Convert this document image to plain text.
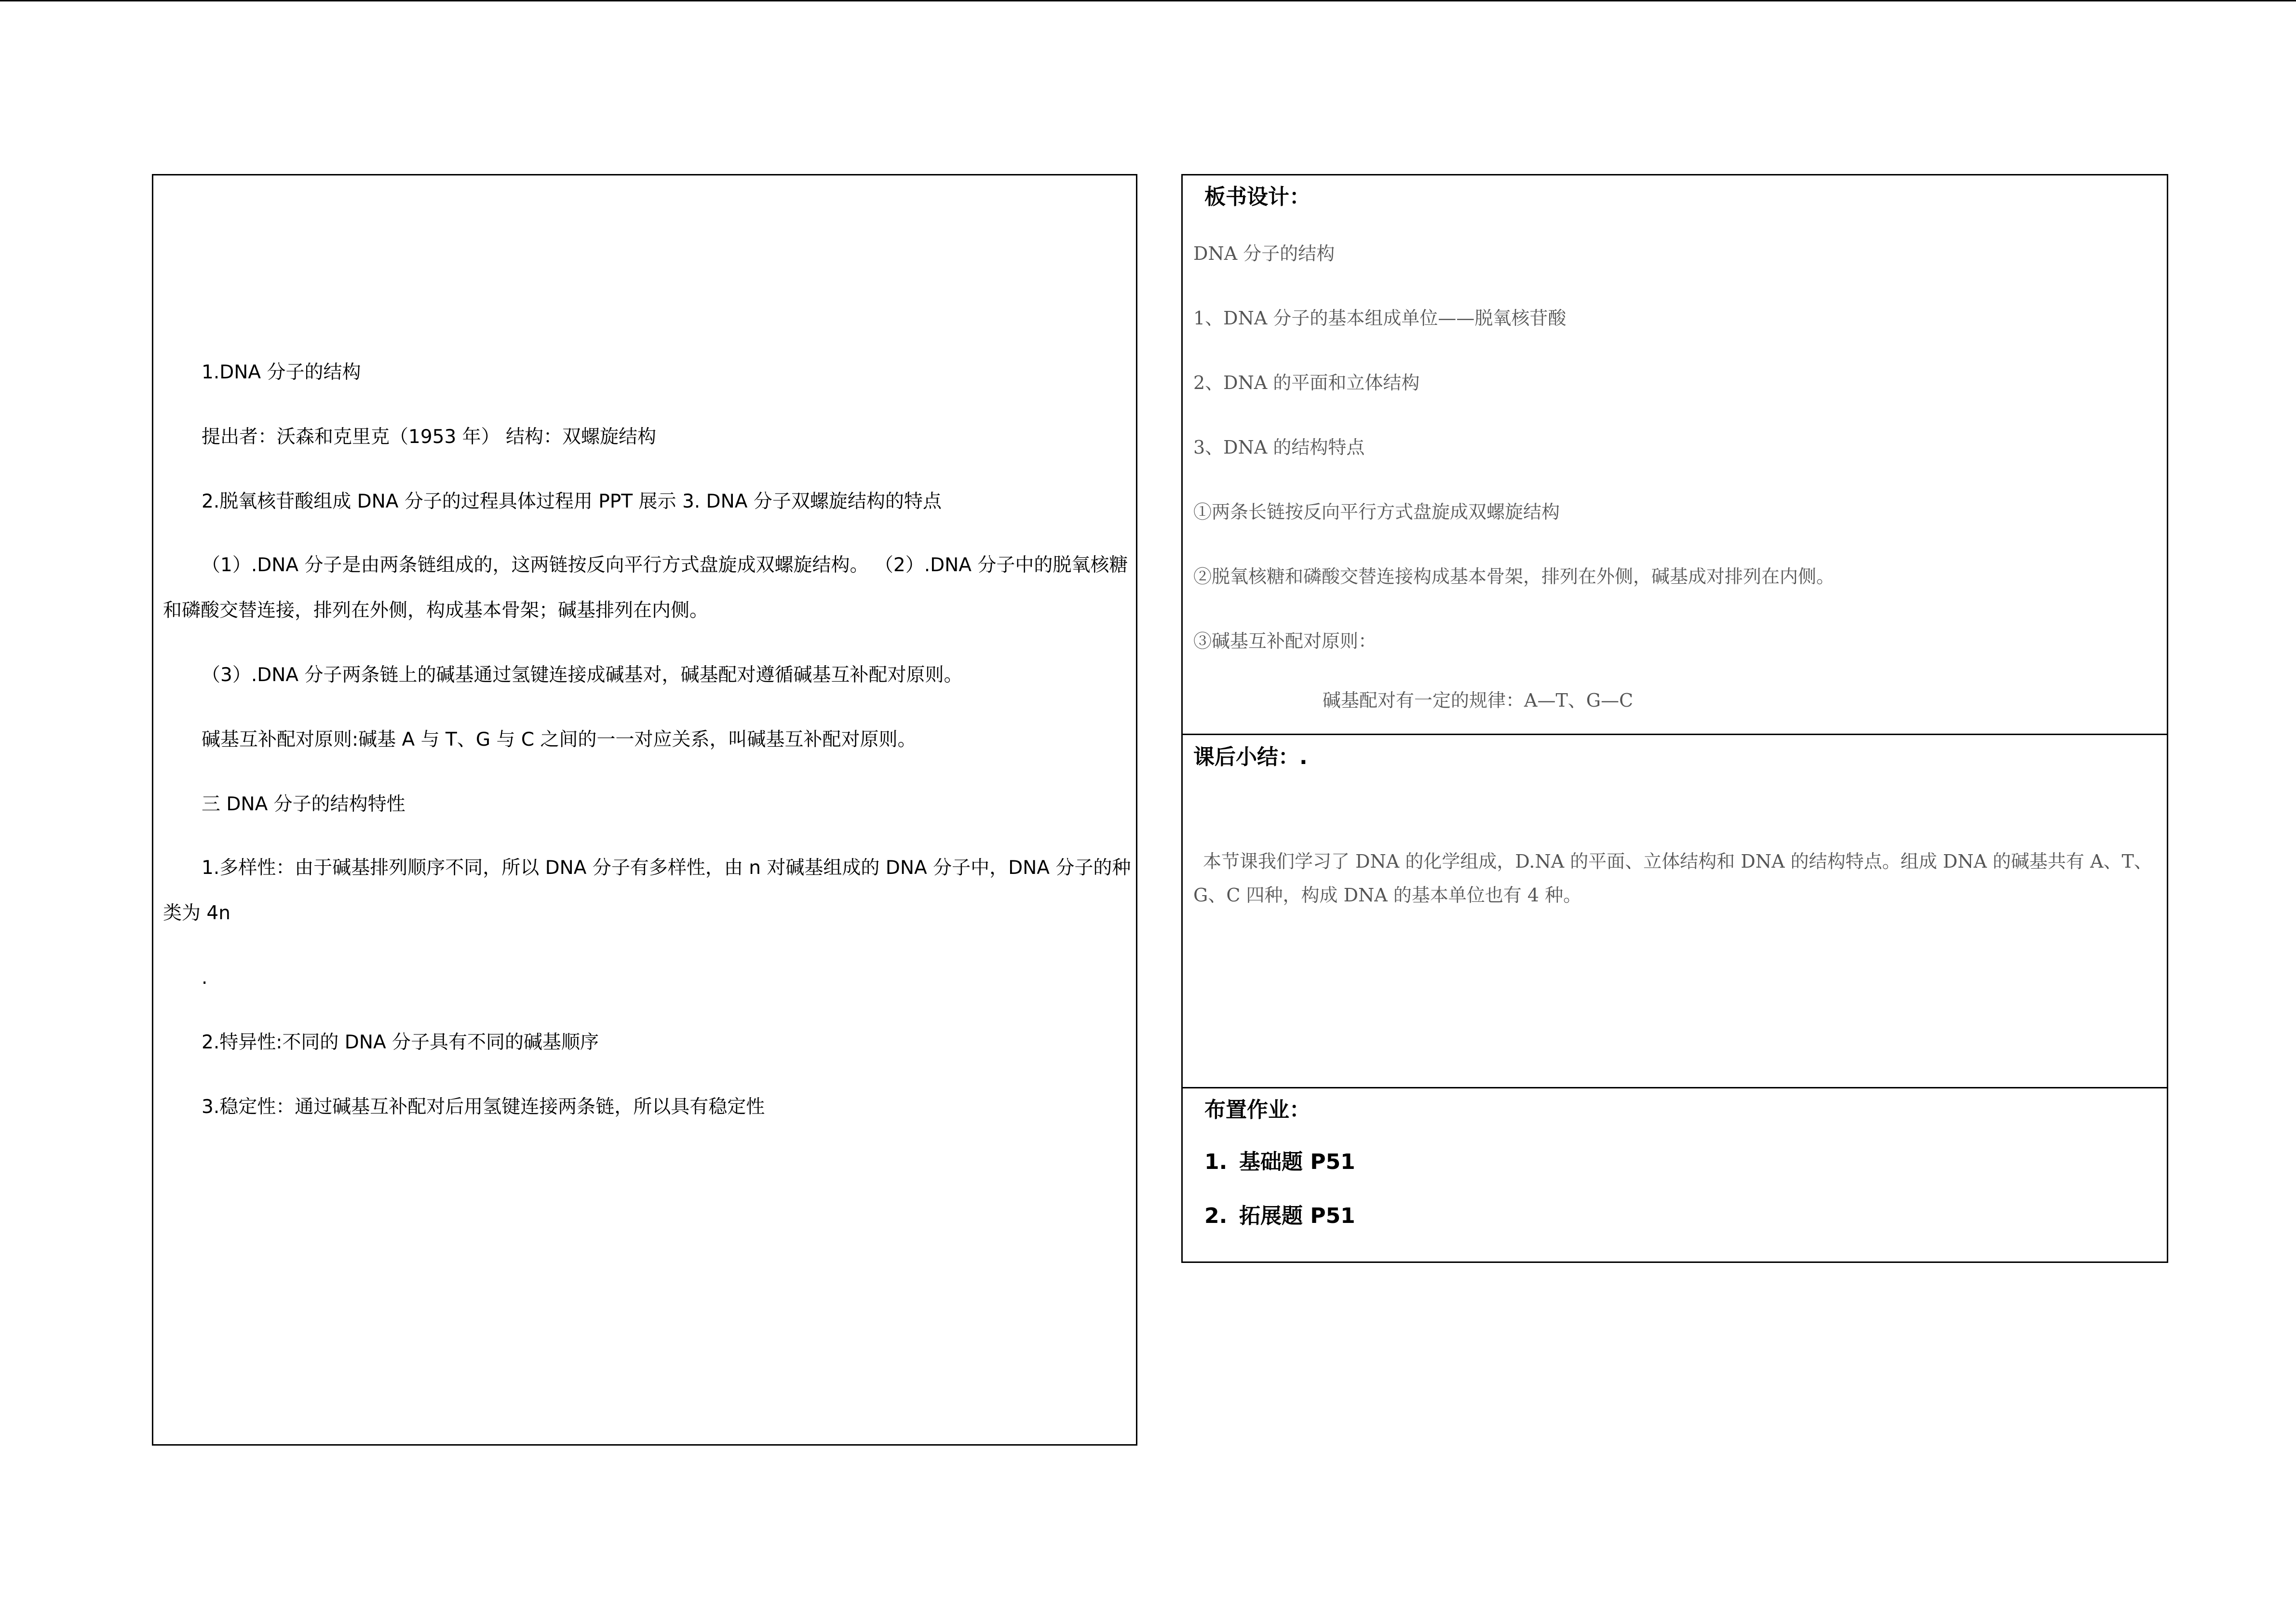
1.DNA 分子的结构
提出者：沃森和克里克（1953 年） 结构：双螺旋结构
2.脱氧核苷酸组成 DNA 分子的过程具体过程用 PPT 展示 3. DNA 分子双螺旋结构的特点
（1）.DNA 分子是由两条链组成的，这两链按反向平行方式盘旋成双螺旋结构。 （2）.DNA 分子中的脱氧核糖和磷酸交替连接，排列在外侧，构成基本骨架；碱基排列在内侧。
（3）.DNA 分子两条链上的碱基通过氢键连接成碱基对，碱基配对遵循碱基互补配对原则。
碱基互补配对原则:碱基 A 与 T、G 与 C 之间的一一对应关系，叫碱基互补配对原则。
三 DNA 分子的结构特性
1.多样性：由于碱基排列顺序不同，所以 DNA 分子有多样性，由 n 对碱基组成的 DNA 分子中，DNA 分子的种类为 4n
.
2.特异性:不同的 DNA 分子具有不同的碱基顺序
3.稳定性：通过碱基互补配对后用氢键连接两条链，所以具有稳定性
板书设计：
DNA 分子的结构
1、DNA 分子的基本组成单位——脱氧核苷酸
2、DNA 的平面和立体结构
3、DNA 的结构特点
①两条长链按反向平行方式盘旋成双螺旋结构
②脱氧核糖和磷酸交替连接构成基本骨架，排列在外侧，碱基成对排列在内侧。
③碱基互补配对原则：
碱基配对有一定的规律：A—T、G—C
课后小结：.
本节课我们学习了 DNA 的化学组成，D.NA 的平面、立体结构和 DNA 的结构特点。组成 DNA 的碱基共有 A、T、G、C 四种，构成 DNA 的基本单位也有 4 种。
布置作业：
1. 基础题 P51
2. 拓展题 P51
